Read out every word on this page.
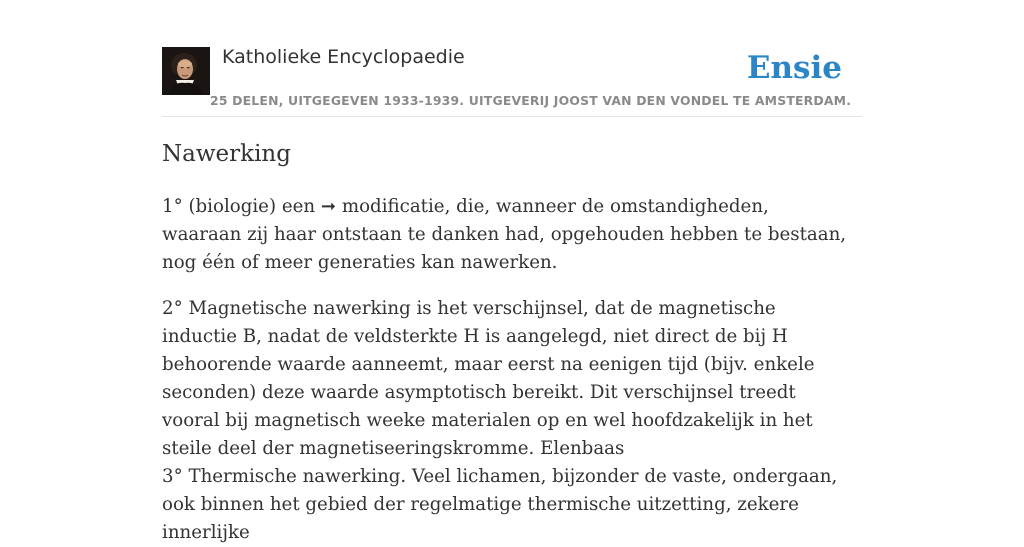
Katholieke Encyclopaedie
25 DELEN, UITGEGEVEN 1933-1939. UITGEVERIJ JOOST VAN DEN VONDEL TE AMSTERDAM.
Ensie
Nawerking

1° (biologie) een ➞ modificatie, die, wanneer de omstandigheden, waaraan zij haar ontstaan te danken had, opgehouden hebben te bestaan, nog één of meer generaties kan nawerken.

2° Magnetische nawerking is het verschijnsel, dat de magnetische inductie B, nadat de veldsterkte H is aangelegd, niet direct de bij H behoorende waarde aanneemt, maar eerst na eenigen tijd (bijv. enkele seconden) deze waarde asymptotisch bereikt. Dit verschijnsel treedt vooral bij magnetisch weeke materialen op en wel hoofdzakelijk in het steile deel der magnetiseeringskromme. Elenbaas

3° Thermische nawerking. Veel lichamen, bijzonder de vaste, ondergaan, ook binnen het gebied der regelmatige thermische uitzetting, zekere innerlijke
